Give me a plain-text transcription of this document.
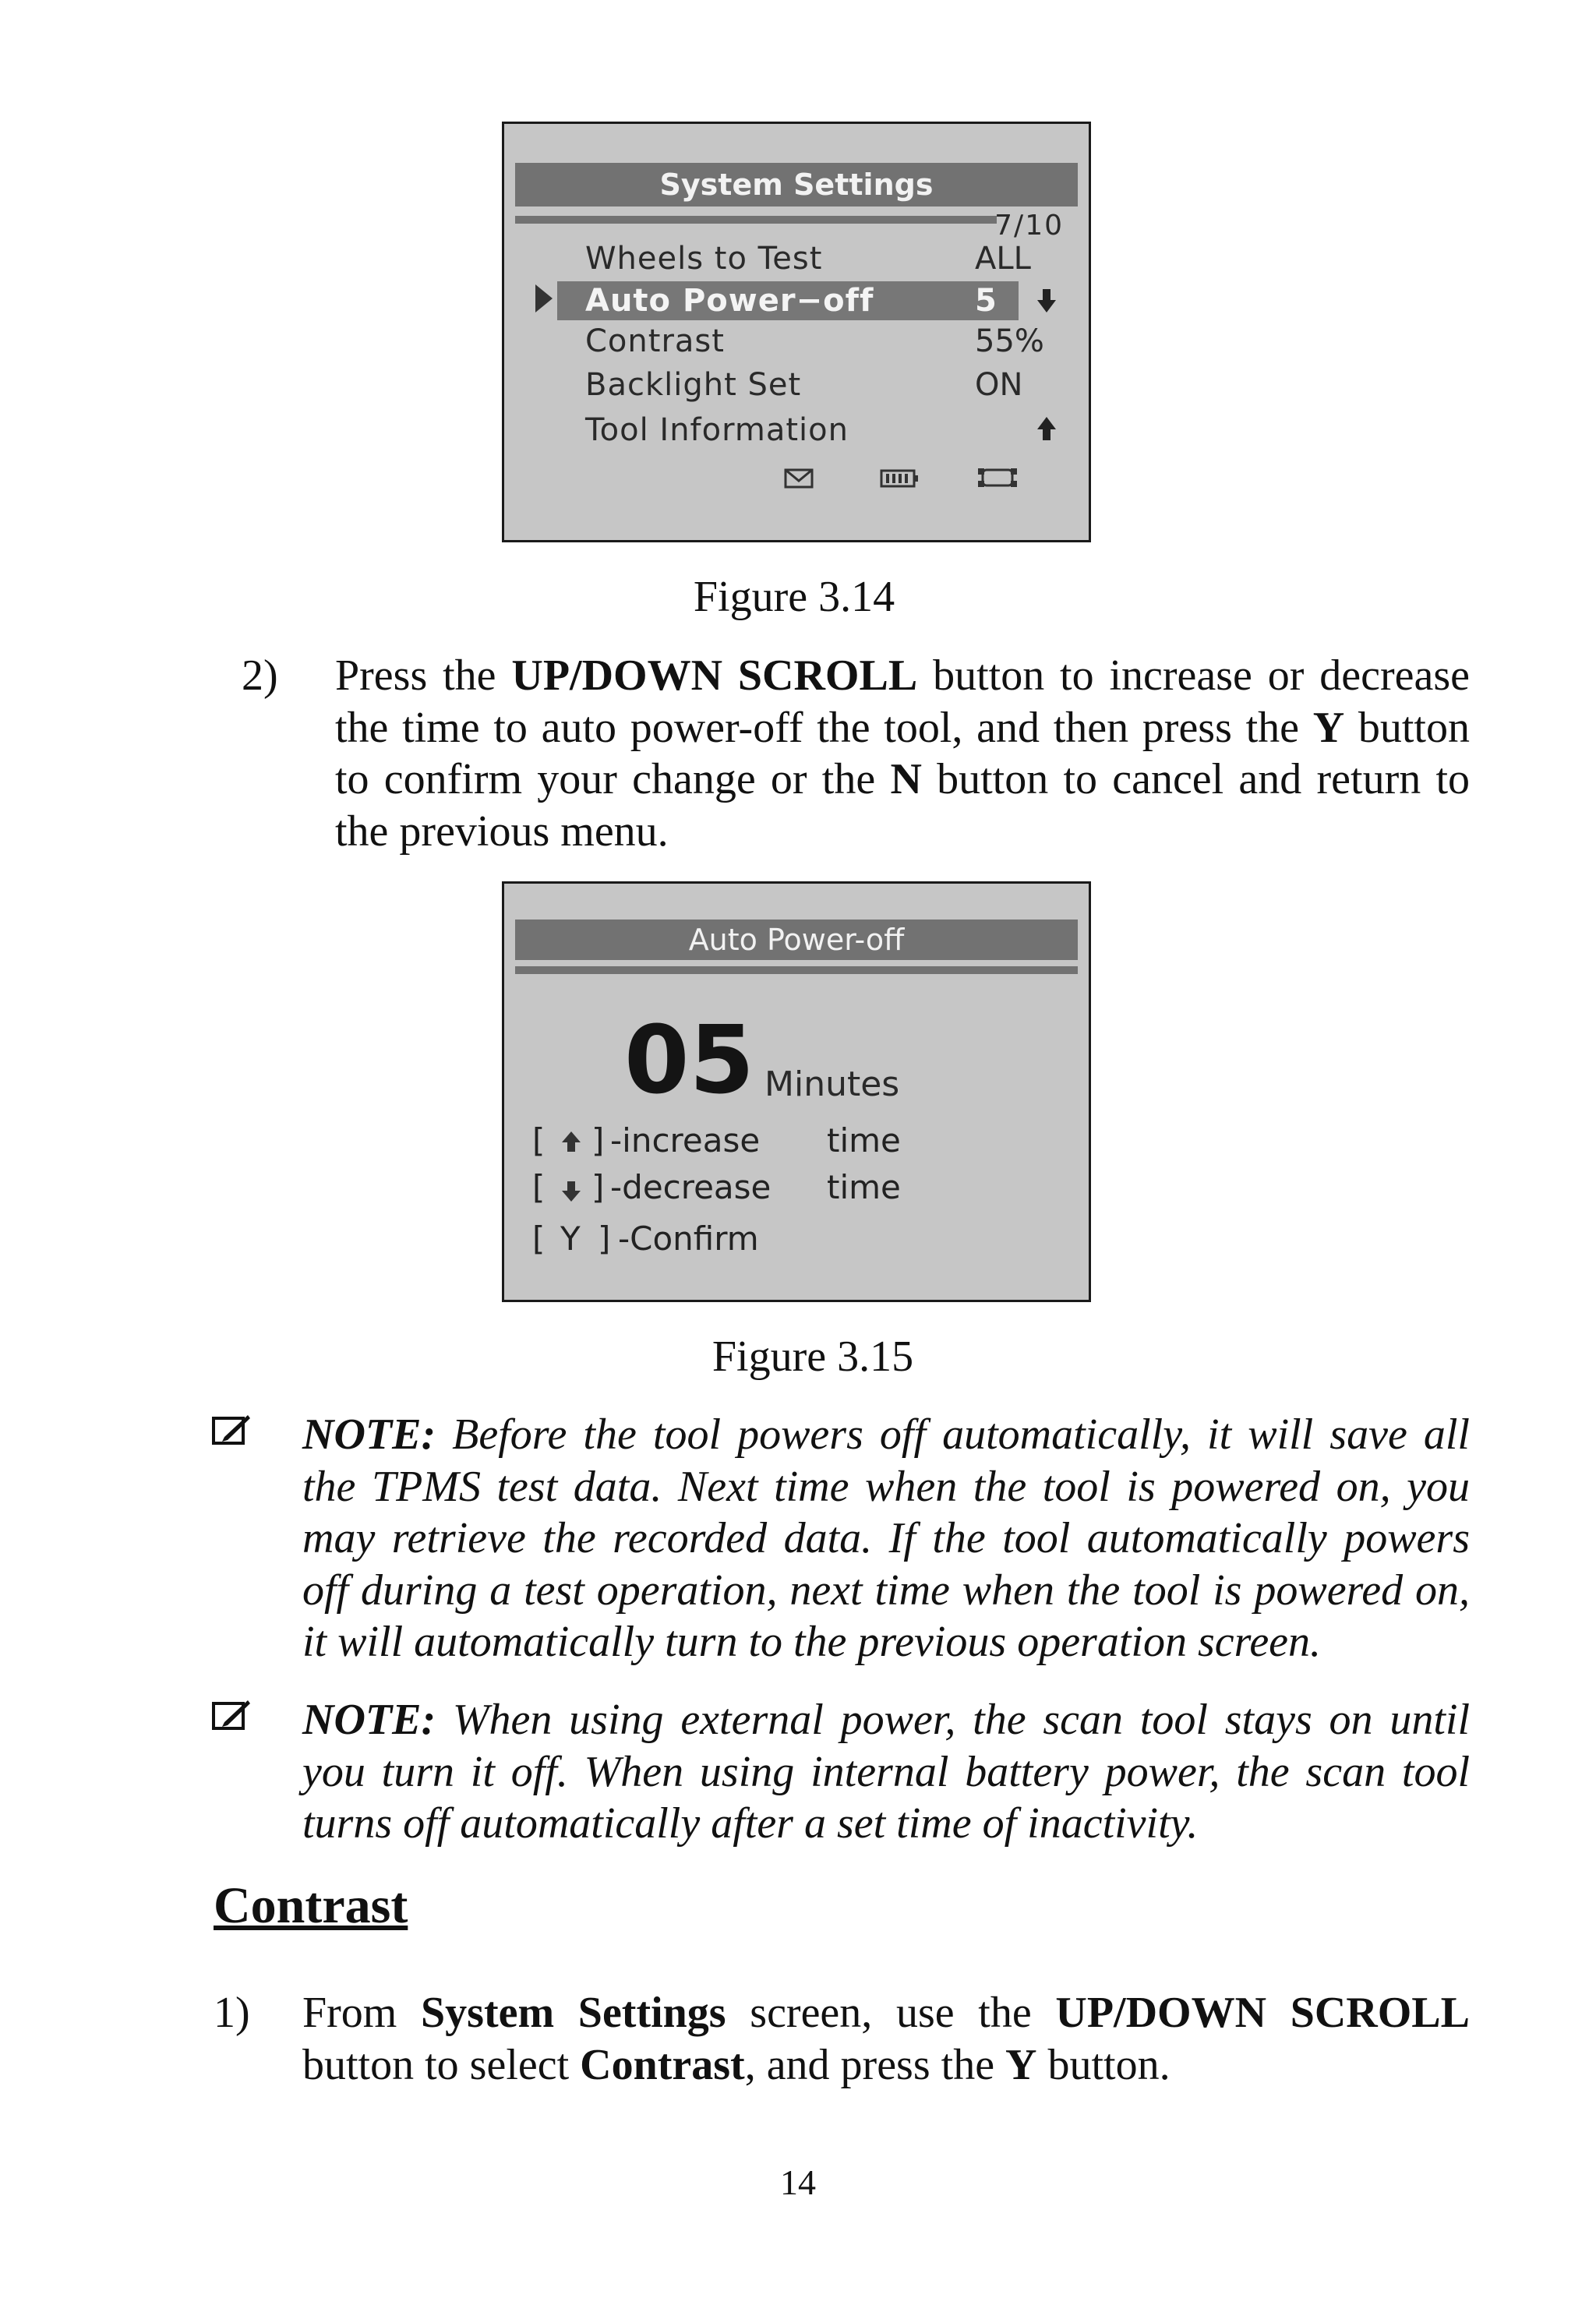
System Settings
7/10
Wheels to Test	ALL
Auto Power−off	5
Contrast	55%
Backlight Set	ON
Tool Information
Figure 3.14
2) Press the UP/DOWN SCROLL button to increase or decrease the time to auto power-off the tool, and then press the Y button to confirm your change or the N button to cancel and return to the previous menu.
Auto Power-off
05 Minutes
[ ] -increase time
[ ] -decrease time
[ Y ] -Confirm
Figure 3.15
NOTE: Before the tool powers off automatically, it will save all the TPMS test data. Next time when the tool is powered on, you may retrieve the recorded data. If the tool automatically powers off during a test operation, next time when the tool is powered on, it will automatically turn to the previous operation screen.
NOTE: When using external power, the scan tool stays on until you turn it off. When using internal battery power, the scan tool turns off automatically after a set time of inactivity.
Contrast
1) From System Settings screen, use the UP/DOWN SCROLL button to select Contrast, and press the Y button.
14
